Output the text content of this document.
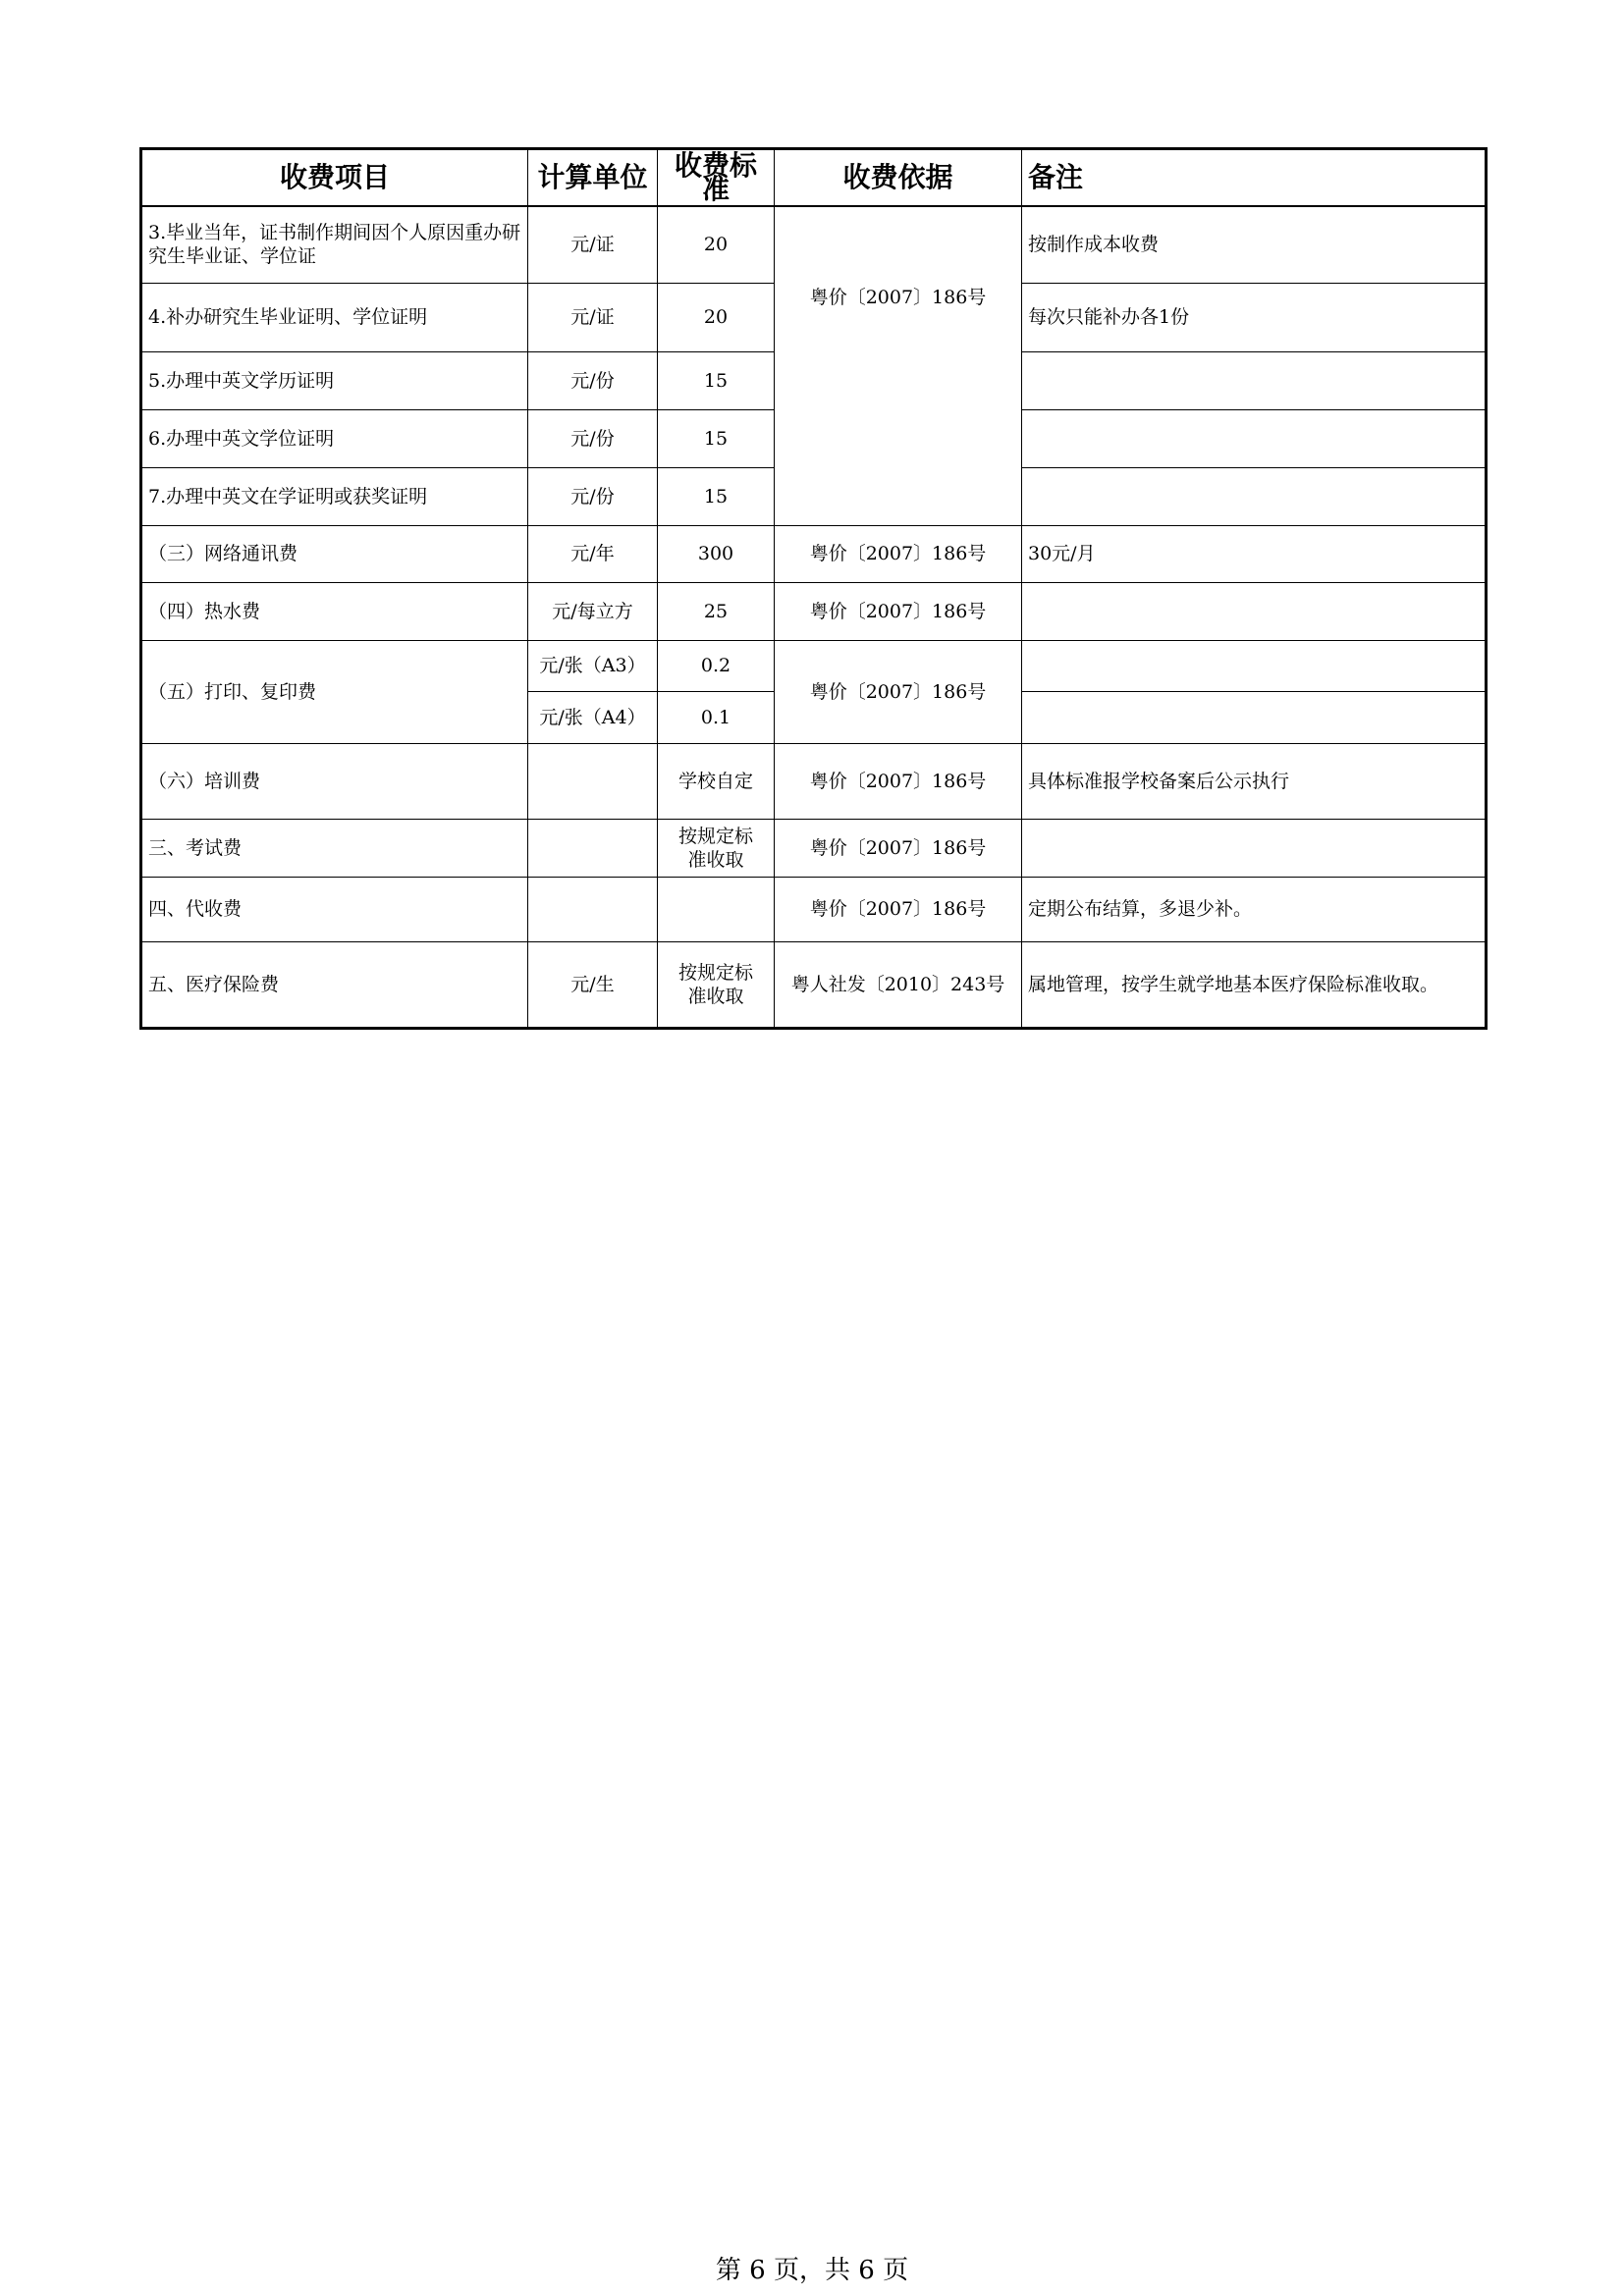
收费项目	计算单位	收费标准	收费依据	备注
3.毕业当年，证书制作期间因个人原因重办研究生毕业证、学位证	元/证	20	粤价〔2007〕186号	按制作成本收费
4.补办研究生毕业证明、学位证明	元/证	20		每次只能补办各1份
5.办理中英文学历证明	元/份	15		
6.办理中英文学位证明	元/份	15		
7.办理中英文在学证明或获奖证明	元/份	15		
（三）网络通讯费	元/年	300	粤价〔2007〕186号	30元/月
（四）热水费	元/每立方	25	粤价〔2007〕186号	
（五）打印、复印费	元/张（A3）	0.2	粤价〔2007〕186号	
	元/张（A4）	0.1		
（六）培训费		学校自定	粤价〔2007〕186号	具体标准报学校备案后公示执行
三、考试费		按规定标准收取	粤价〔2007〕186号	
四、代收费			粤价〔2007〕186号	定期公布结算，多退少补。
五、医疗保险费	元/生	按规定标准收取	粤人社发〔2010〕243号	属地管理，按学生就学地基本医疗保险标准收取。
第 6 页，共 6 页
